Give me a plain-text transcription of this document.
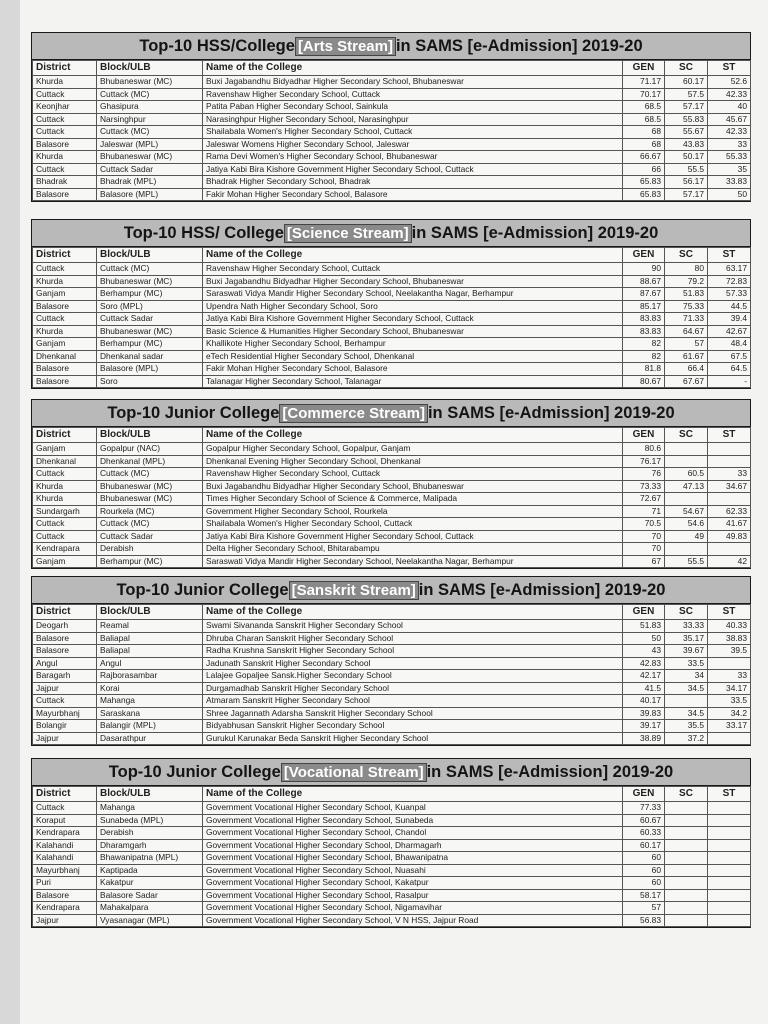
Top-10 HSS/College [Arts Stream] in SAMS [e-Admission] 2019-20
District	Block/ULB	Name of the College	GEN	SC	ST
Khurda	Bhubaneswar (MC)	Buxi Jagabandhu Bidyadhar Higher Secondary School, Bhubaneswar	71.17	60.17	52.6
Cuttack	Cuttack (MC)	Ravenshaw Higher Secondary School, Cuttack	70.17	57.5	42.33
Keonjhar	Ghasipura	Patita Paban Higher Secondary School, Sainkula	68.5	57.17	40
Cuttack	Narsinghpur	Narasinghpur Higher Secondary School, Narasinghpur	68.5	55.83	45.67
Cuttack	Cuttack (MC)	Shailabala Women's Higher Secondary School, Cuttack	68	55.67	42.33
Balasore	Jaleswar (MPL)	Jaleswar Womens Higher Secondary School, Jaleswar	68	43.83	33
Khurda	Bhubaneswar (MC)	Rama Devi Women's Higher Secondary School, Bhubaneswar	66.67	50.17	55.33
Cuttack	Cuttack Sadar	Jatiya Kabi Bira Kishore Government Higher Secondary School, Cuttack	66	55.5	35
Bhadrak	Bhadrak (MPL)	Bhadrak Higher Secondary School, Bhadrak	65.83	56.17	33.83
Balasore	Balasore (MPL)	Fakir Mohan Higher Secondary School, Balasore	65.83	57.17	50
Top-10 HSS/ College [Science Stream] in SAMS [e-Admission] 2019-20
District	Block/ULB	Name of the College	GEN	SC	ST
Cuttack	Cuttack (MC)	Ravenshaw Higher Secondary School, Cuttack	90	80	63.17
Khurda	Bhubaneswar (MC)	Buxi Jagabandhu Bidyadhar Higher Secondary School, Bhubaneswar	88.67	79.2	72.83
Ganjam	Berhampur (MC)	Saraswati Vidya Mandir Higher Secondary School, Neelakantha Nagar, Berhampur	87.67	51.83	57.33
Balasore	Soro (MPL)	Upendra Nath Higher Secondary School, Soro	85.17	75.33	44.5
Cuttack	Cuttack Sadar	Jatiya Kabi Bira Kishore Government Higher Secondary School, Cuttack	83.83	71.33	39.4
Khurda	Bhubaneswar (MC)	Basic Science & Humanities Higher Secondary School, Bhubaneswar	83.83	64.67	42.67
Ganjam	Berhampur (MC)	Khallikote Higher Secondary School, Berhampur	82	57	48.4
Dhenkanal	Dhenkanal sadar	eTech Residential Higher Secondary School, Dhenkanal	82	61.67	67.5
Balasore	Balasore (MPL)	Fakir Mohan Higher Secondary School, Balasore	81.8	66.4	64.5
Balasore	Soro	Talanagar Higher Secondary School, Talanagar	80.67	67.67	-
Top-10 Junior College [Commerce Stream] in SAMS [e-Admission] 2019-20
District	Block/ULB	Name of the College	GEN	SC	ST
Ganjam	Gopalpur (NAC)	Gopalpur Higher Secondary School, Gopalpur, Ganjam	80.6		
Dhenkanal	Dhenkanal (MPL)	Dhenkanal Evening Higher Secondary School, Dhenkanal	76.17		
Cuttack	Cuttack (MC)	Ravenshaw Higher Secondary School, Cuttack	76	60.5	33
Khurda	Bhubaneswar (MC)	Buxi Jagabandhu Bidyadhar Higher Secondary School, Bhubaneswar	73.33	47.13	34.67
Khurda	Bhubaneswar (MC)	Times Higher Secondary School of Science & Commerce, Malipada	72.67		
Sundargarh	Rourkela (MC)	Government Higher Secondary School, Rourkela	71	54.67	62.33
Cuttack	Cuttack (MC)	Shailabala Women's Higher Secondary School, Cuttack	70.5	54.6	41.67
Cuttack	Cuttack Sadar	Jatiya Kabi Bira Kishore Government Higher Secondary School, Cuttack	70	49	49.83
Kendrapara	Derabish	Delta Higher Secondary School, Bhitarabampu	70		
Ganjam	Berhampur (MC)	Saraswati Vidya Mandir Higher Secondary School, Neelakantha Nagar, Berhampur	67	55.5	42
Top-10 Junior College [Sanskrit Stream] in SAMS [e-Admission] 2019-20
District	Block/ULB	Name of the College	GEN	SC	ST
Deogarh	Reamal	Swami Sivananda Sanskrit Higher Secondary School	51.83	33.33	40.33
Balasore	Baliapal	Dhruba Charan Sanskrit Higher Secondary School	50	35.17	38.83
Balasore	Baliapal	Radha Krushna Sanskrit Higher Secondary School	43	39.67	39.5
Angul	Angul	Jadunath Sanskrit Higher Secondary School	42.83	33.5	
Baragarh	Rajborasambar	Lalajee Gopaljee Sansk.Higher Secondary School	42.17	34	33
Jajpur	Korai	Durgamadhab Sanskrit Higher Secondary School	41.5	34.5	34.17
Cuttack	Mahanga	Atmaram Sanskrit Higher Secondary School	40.17		33.5
Mayurbhanj	Saraskana	Shree Jagannath Adarsha Sanskrit Higher Secondary School	39.83	34.5	34.2
Bolangir	Balangir (MPL)	Bidyabhusan Sanskrit Higher Secondary School	39.17	35.5	33.17
Jajpur	Dasarathpur	Gurukul Karunakar Beda Sanskrit Higher Secondary School	38.89	37.2	
Top-10 Junior College [Vocational Stream] in SAMS [e-Admission] 2019-20
District	Block/ULB	Name of the College	GEN	SC	ST
Cuttack	Mahanga	Government Vocational Higher Secondary School, Kuanpal	77.33		
Koraput	Sunabeda (MPL)	Government Vocational Higher Secondary School, Sunabeda	60.67		
Kendrapara	Derabish	Government Vocational Higher Secondary School, Chandol	60.33		
Kalahandi	Dharamgarh	Government Vocational Higher Secondary School, Dharmagarh	60.17		
Kalahandi	Bhawanipatna (MPL)	Government Vocational Higher Secondary School, Bhawanipatna	60		
Mayurbhanj	Kaptipada	Government Vocational Higher Secondary School, Nuasahi	60		
Puri	Kakatpur	Government Vocational Higher Secondary School, Kakatpur	60		
Balasore	Balasore Sadar	Government Vocational Higher Secondary School, Rasalpur	58.17		
Kendrapara	Mahakalpara	Government Vocational Higher Secondary School, Nigamavihar	57		
Jajpur	Vyasanagar (MPL)	Government Vocational Higher Secondary School, V N HSS, Jajpur Road	56.83		
